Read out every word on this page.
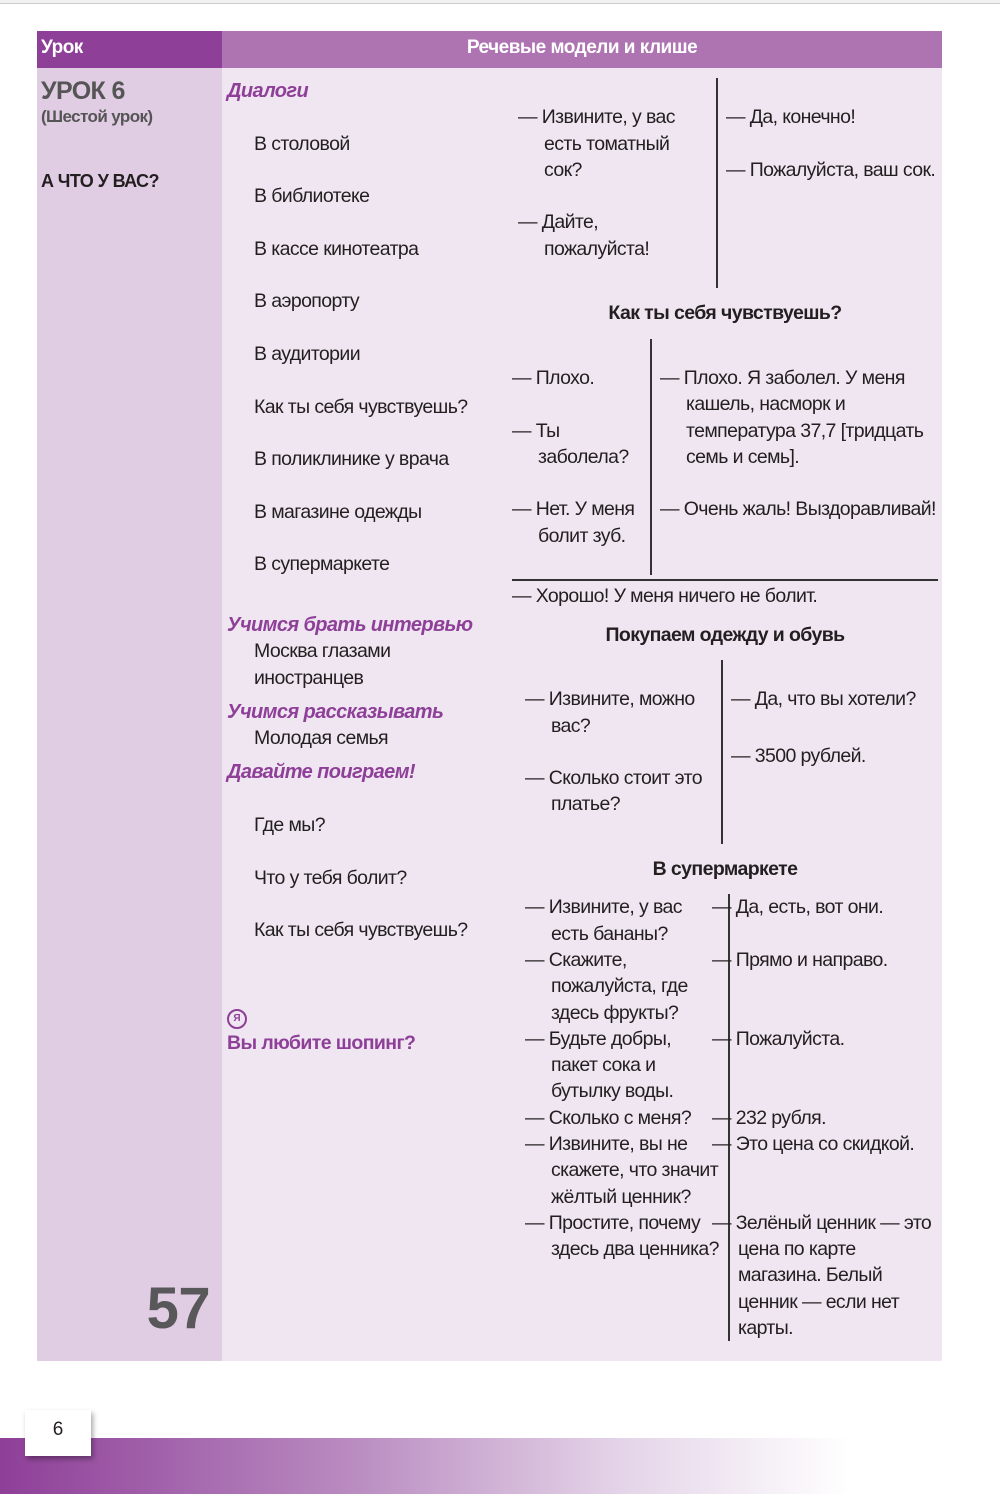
Урок	Речевые модели и клише
УРОК 6
(Шестой урок)
А ЧТО У ВАС?
57
Диалоги

В столовой

В библиотеке

В кассе кинотеатра

В аэропорту

В аудитории

Как ты себя чувствуешь?

В поликлинике у врача

В магазине одежды

В супермаркете

Учимся брать интервью
Москва глазами
иностранцев
Учимся рассказывать
Молодая семья
Давайте поиграем!

Где мы?

Что у тебя болит?

Как ты себя чувствуешь?

Я
Вы любите шопинг?

— Извините, у вас есть томатный сок?

— Дайте, пожалуйста!

— Да, конечно!

— Пожалуйста, ваш сок.

Как ты себя чувствуешь?

— Плохо.

— Ты заболела?

— Нет. У меня болит зуб.

— Плохо. Я заболел. У меня кашель, насморк и температура 37,7 [тридцать семь и семь].

— Очень жаль! Выздоравливай!

— Хорошо! У меня ничего не болит.
Покупаем одежду и обувь

— Извините, можно вас?

— Сколько стоит это платье?

— Да, что вы хотели?

— 3500 рублей.

В супермаркете
— Извините, у вас есть бананы?
— Да, есть, вот они.
— Скажите, пожалуйста, где здесь фрукты?
— Прямо и направо.
— Будьте добры, пакет сока и бутылку воды.
— Пожалуйста.
— Сколько с меня?	— 232 рубля.
— Извините, вы не скажете, что значит жёлтый ценник?
— Это цена со скидкой.
— Простите, почему здесь два ценника?
— Зелёный ценник — это цена по карте магазина. Белый ценник — если нет карты.
6
